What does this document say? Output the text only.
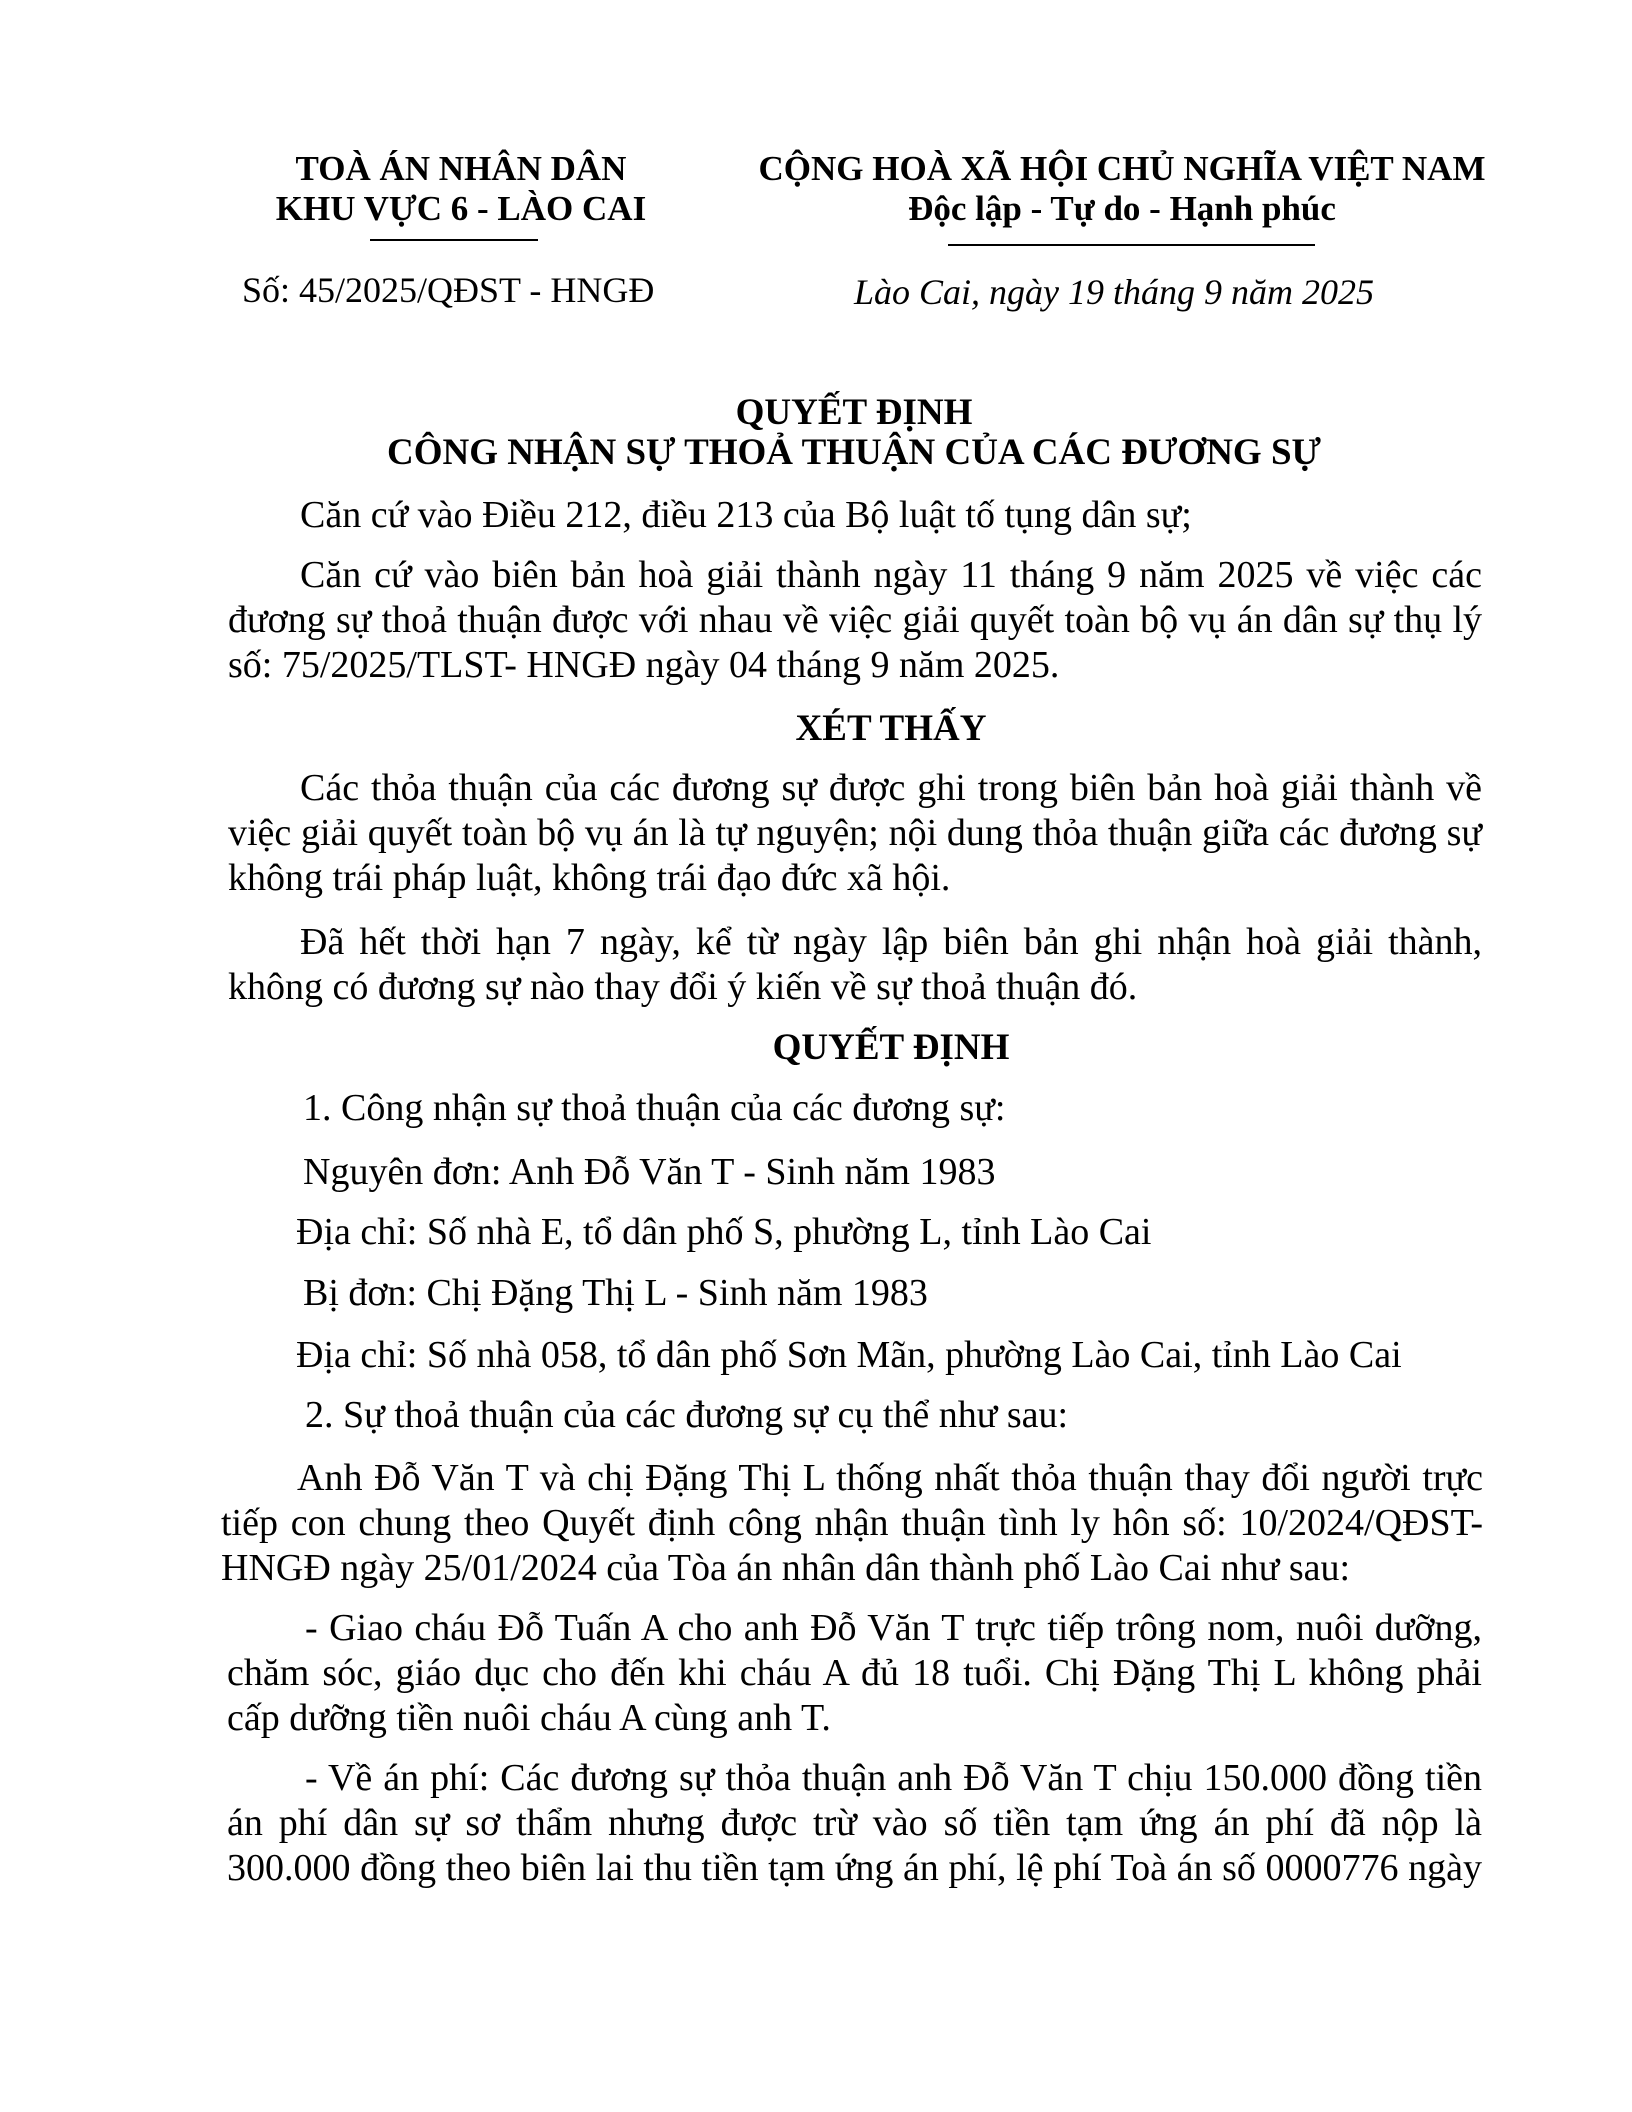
TOÀ ÁN NHÂN DÂN
KHU VỰC 6 - LÀO CAI
CỘNG HOÀ XÃ HỘI CHỦ NGHĨA VIỆT NAM
Độc lập - Tự do - Hạnh phúc
Số: 45/2025/QĐST - HNGĐ	Lào Cai, ngày 19 tháng 9 năm 2025
QUYẾT ĐỊNH
CÔNG NHẬN SỰ THOẢ THUẬN CỦA CÁC ĐƯƠNG SỰ
Căn cứ vào Điều 212, điều 213 của Bộ luật tố tụng dân sự;
Căn cứ vào biên bản hoà giải thành ngày 11 tháng 9 năm 2025 về việc các đương sự thoả thuận được với nhau về việc giải quyết toàn bộ vụ án dân sự thụ lý số: 75/2025/TLST- HNGĐ ngày 04 tháng 9 năm 2025.
XÉT THẤY
Các thỏa thuận của các đương sự được ghi trong biên bản hoà giải thành về việc giải quyết toàn bộ vụ án là tự nguyện; nội dung thỏa thuận giữa các đương sự không trái pháp luật, không trái đạo đức xã hội.
Đã hết thời hạn 7 ngày, kể từ ngày lập biên bản ghi nhận hoà giải thành, không có đương sự nào thay đổi ý kiến về sự thoả thuận đó.
QUYẾT ĐỊNH
1. Công nhận sự thoả thuận của các đương sự:
Nguyên đơn: Anh Đỗ Văn T - Sinh năm 1983
Địa chỉ: Số nhà E, tổ dân phố S, phường L, tỉnh Lào Cai
Bị đơn: Chị Đặng Thị L - Sinh năm 1983
Địa chỉ: Số nhà 058, tổ dân phố Sơn Mãn, phường Lào Cai, tỉnh Lào Cai
2. Sự thoả thuận của các đương sự cụ thể như sau:
Anh Đỗ Văn T và chị Đặng Thị L thống nhất thỏa thuận thay đổi người trực tiếp con chung theo Quyết định công nhận thuận tình ly hôn số: 10/2024/QĐST-HNGĐ ngày 25/01/2024 của Tòa án nhân dân thành phố Lào Cai như sau:
- Giao cháu Đỗ Tuấn A cho anh Đỗ Văn T trực tiếp trông nom, nuôi dưỡng, chăm sóc, giáo dục cho đến khi cháu A đủ 18 tuổi. Chị Đặng Thị L không phải cấp dưỡng tiền nuôi cháu A cùng anh T.
- Về án phí: Các đương sự thỏa thuận anh Đỗ Văn T chịu 150.000 đồng tiền án phí dân sự sơ thẩm nhưng được trừ vào số tiền tạm ứng án phí đã nộp là 300.000 đồng theo biên lai thu tiền tạm ứng án phí, lệ phí Toà án số 0000776 ngày
